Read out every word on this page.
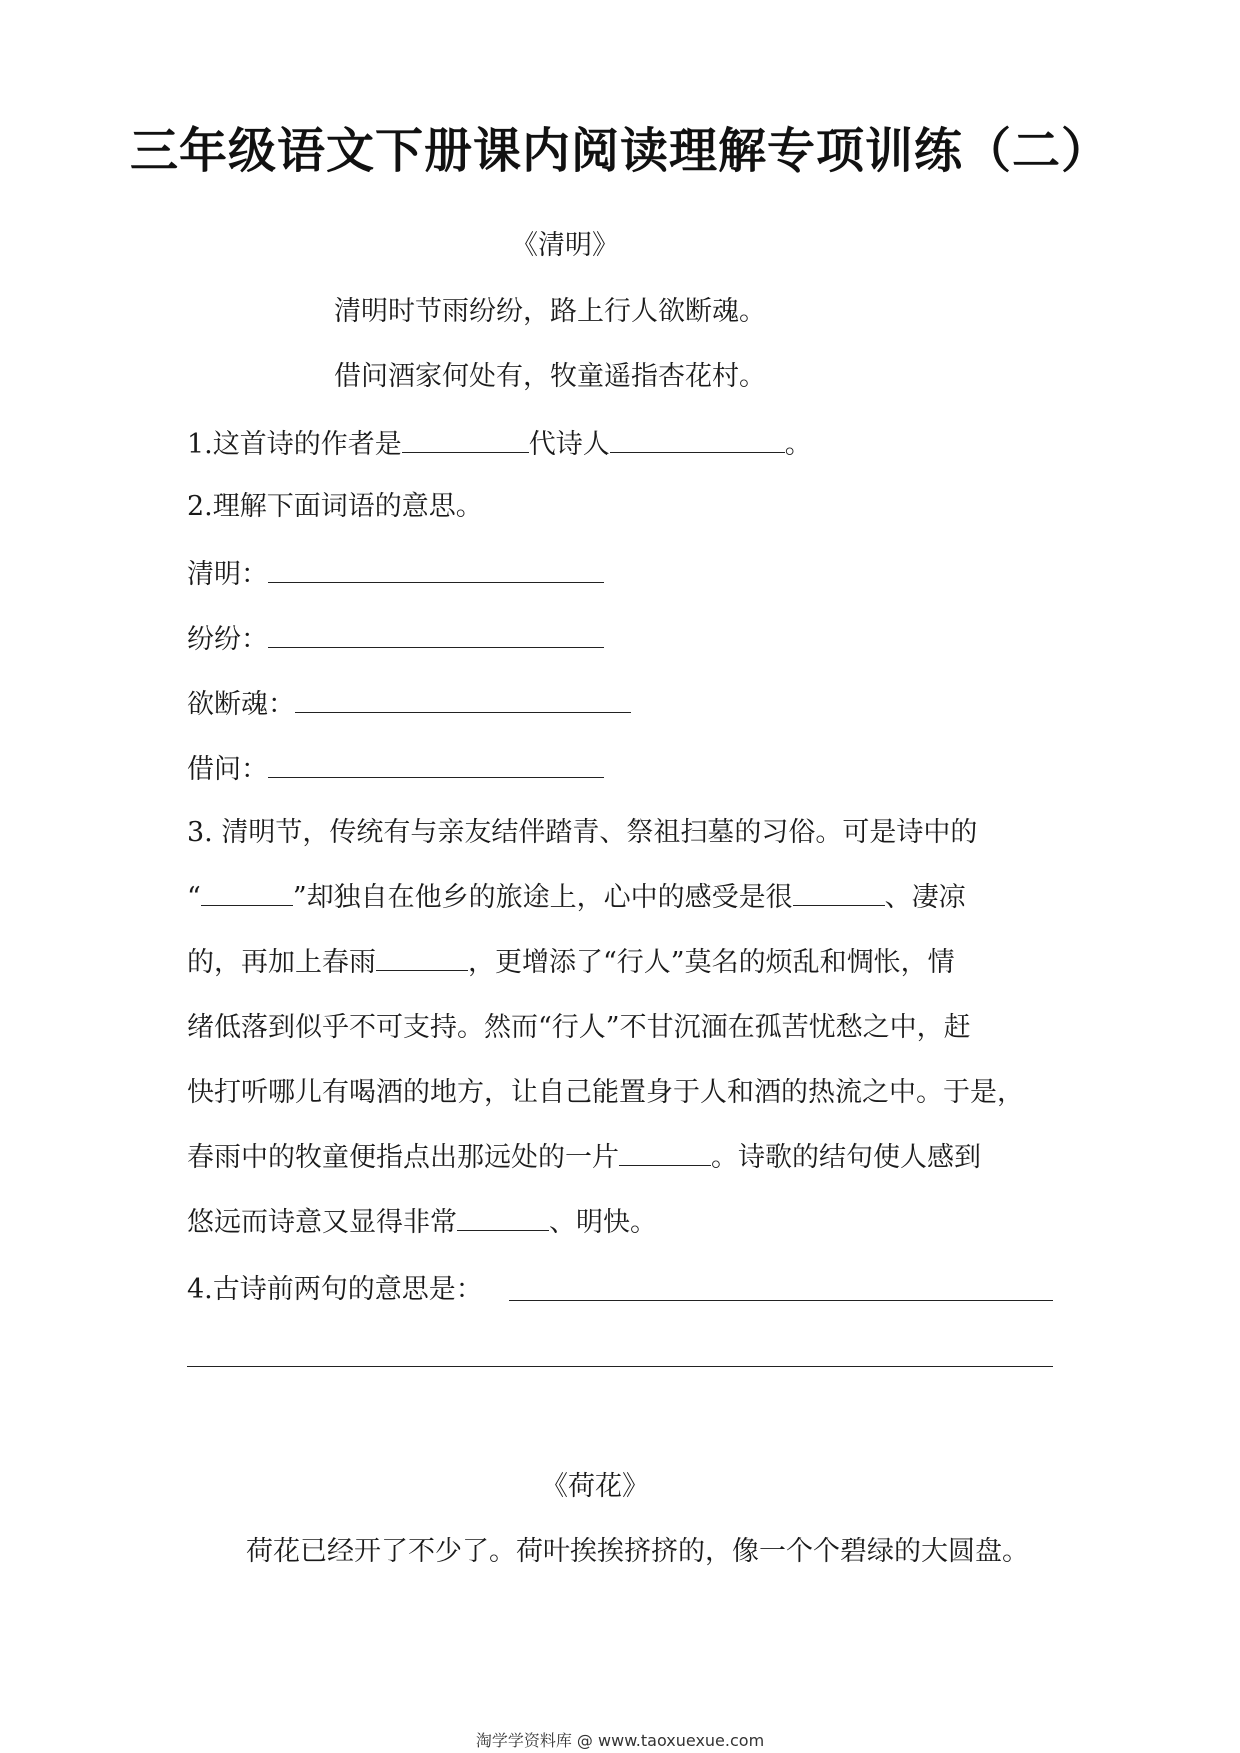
三年级语文下册课内阅读理解专项训练（二）
《清明》
清明时节雨纷纷，路上行人欲断魂。
借问酒家何处有，牧童遥指杏花村。
1.这首诗的作者是	代诗人	。
2.理解下面词语的意思。
清明：
纷纷：
欲断魂：
借问：
3. 清明节，传统有与亲友结伴踏青、祭祖扫墓的习俗。可是诗中的
“	”却独自在他乡的旅途上，心中的感受是很	、凄凉
的，再加上春雨	，更增添了“行人”莫名的烦乱和惆怅，情
绪低落到似乎不可支持。然而“行人”不甘沉湎在孤苦忧愁之中，赶
快打听哪儿有喝酒的地方，让自己能置身于人和酒的热流之中。于是，
春雨中的牧童便指点出那远处的一片	。诗歌的结句使人感到
悠远而诗意又显得非常	、明快。
4.古诗前两句的意思是：
《荷花》
荷花已经开了不少了。荷叶挨挨挤挤的，像一个个碧绿的大圆盘。
淘学学资料库 @ www.taoxuexue.com
